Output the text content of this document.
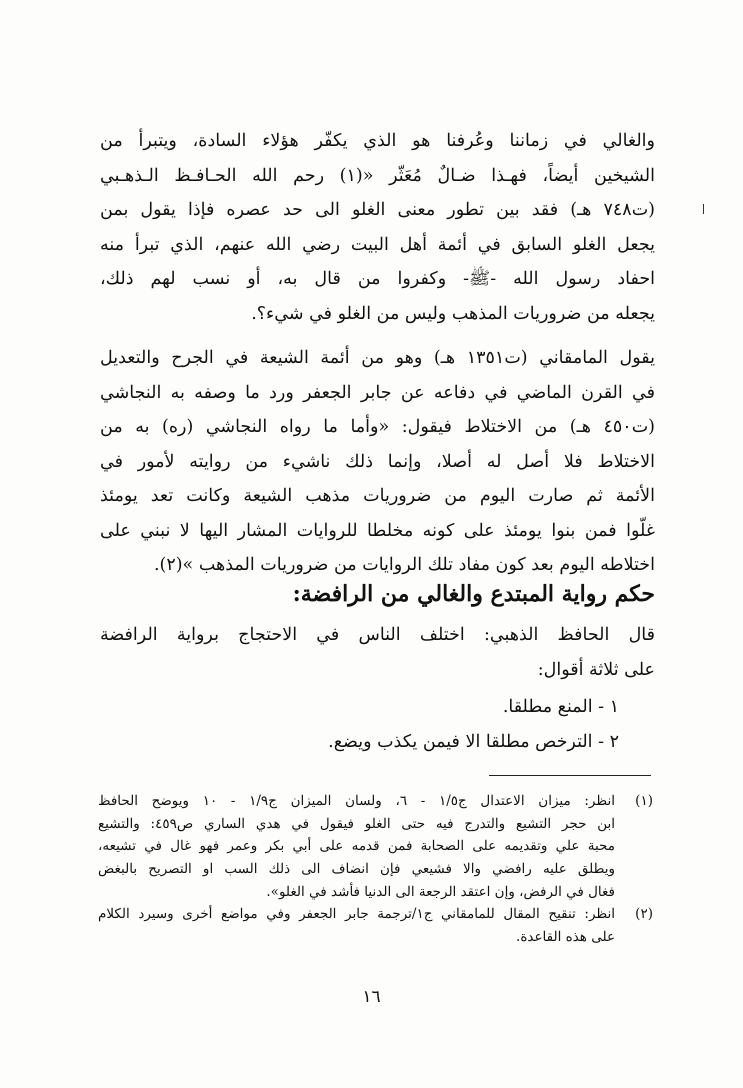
والغالي في زماننا وعُرفنا هو الذي يكفّر هؤلاء السادة، ويتبرأ من
الشيخين أيضاً، فهـذا ضـالٌ مُعَثّر «(١) رحم الله الحـافـظ الـذهـبي
(ت٧٤٨ هـ) فقد بين تطور معنى الغلو الى حد عصره فإذا يقول بمن
يجعل الغلو السابق في أئمة أهل البيت رضي الله عنهم، الذي تبرأ منه
احفاد رسول الله -ﷺ- وكفروا من قال به، أو نسب لهم ذلك،
يجعله من ضروريات المذهب وليس من الغلو في شيء؟.
يقول المامقاني (ت١٣٥١ هـ) وهو من أئمة الشيعة في الجرح والتعديل
في القرن الماضي في دفاعه عن جابر الجعفر ورد ما وصفه به النجاشي
(ت٤٥٠ هـ) من الاختلاط فيقول: «وأما ما رواه النجاشي (ره) به من
الاختلاط فلا أصل له أصلا، وإنما ذلك ناشيء من روايته لأمور في
الأئمة ثم صارت اليوم من ضروريات مذهب الشيعة وكانت تعد يومئذ
غلّوا فمن بنوا يومئذ على كونه مخلطا للروايات المشار اليها لا نبني على
اختلاطه اليوم بعد كون مفاد تلك الروايات من ضروريات المذهب »(٢).
حكم رواية المبتدع والغالي من الرافضة:
قال الحافظ الذهبي: اختلف الناس في الاحتجاج برواية الرافضة
على ثلاثة أقوال:
١ - المنع مطلقا.
٢ - الترخص مطلقا الا فيمن يكذب ويضع.
(١)
انظر: ميزان الاعتدال ج١/٥ - ٦، ولسان الميزان ج١/٩ - ١٠ ويوضح الحافظ
ابن حجر التشيع والتدرج فيه حتى الغلو فيقول في هدي الساري ص٤٥٩: والتشيع
محبة علي وتقديمه على الصحابة فمن قدمه على أبي بكر وعمر فهو غال في تشيعه،
ويطلق عليه رافضي والا فشيعي فإن انضاف الى ذلك السب او التصريح بالبغض
فغال في الرفض، وإن اعتقد الرجعة الى الدنيا فأشد في الغلو».
(٢)
انظر: تنقيح المقال للمامقاني ج١/ترجمة جابر الجعفر وفي مواضع أخرى وسيرد الكلام
على هذه القاعدة.
١٦
